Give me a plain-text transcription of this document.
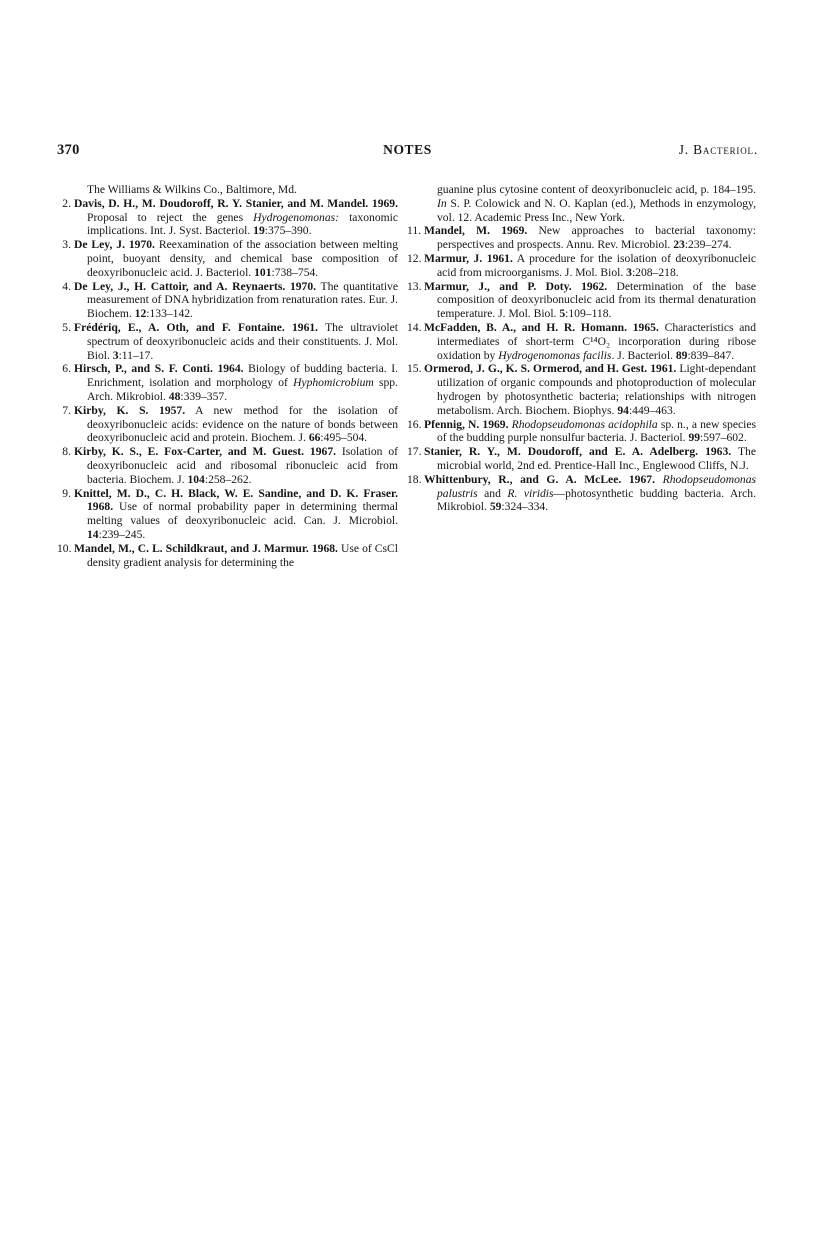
370	NOTES	J. Bacteriol.
The Williams & Wilkins Co., Baltimore, Md.
2. Davis, D. H., M. Doudoroff, R. Y. Stanier, and M. Mandel. 1969. Proposal to reject the genes Hydrogenomonas: taxonomic implications. Int. J. Syst. Bacteriol. 19:375–390.
3. De Ley, J. 1970. Reexamination of the association between melting point, buoyant density, and chemical base composition of deoxyribonucleic acid. J. Bacteriol. 101:738–754.
4. De Ley, J., H. Cattoir, and A. Reynaerts. 1970. The quantitative measurement of DNA hybridization from renaturation rates. Eur. J. Biochem. 12:133–142.
5. Frédériq, E., A. Oth, and F. Fontaine. 1961. The ultraviolet spectrum of deoxyribonucleic acids and their constituents. J. Mol. Biol. 3:11–17.
6. Hirsch, P., and S. F. Conti. 1964. Biology of budding bacteria. I. Enrichment, isolation and morphology of Hyphomicrobium spp. Arch. Mikrobiol. 48:339–357.
7. Kirby, K. S. 1957. A new method for the isolation of deoxyribonucleic acids: evidence on the nature of bonds between deoxyribonucleic acid and protein. Biochem. J. 66:495–504.
8. Kirby, K. S., E. Fox-Carter, and M. Guest. 1967. Isolation of deoxyribonucleic acid and ribosomal ribonucleic acid from bacteria. Biochem. J. 104:258–262.
9. Knittel, M. D., C. H. Black, W. E. Sandine, and D. K. Fraser. 1968. Use of normal probability paper in determining thermal melting values of deoxyribonucleic acid. Can. J. Microbiol. 14:239–245.
10. Mandel, M., C. L. Schildkraut, and J. Marmur. 1968. Use of CsCl density gradient analysis for determining the
guanine plus cytosine content of deoxyribonucleic acid, p. 184–195. In S. P. Colowick and N. O. Kaplan (ed.), Methods in enzymology, vol. 12. Academic Press Inc., New York.
11. Mandel, M. 1969. New approaches to bacterial taxonomy: perspectives and prospects. Annu. Rev. Microbiol. 23:239–274.
12. Marmur, J. 1961. A procedure for the isolation of deoxyribonucleic acid from microorganisms. J. Mol. Biol. 3:208–218.
13. Marmur, J., and P. Doty. 1962. Determination of the base composition of deoxyribonucleic acid from its thermal denaturation temperature. J. Mol. Biol. 5:109–118.
14. McFadden, B. A., and H. R. Homann. 1965. Characteristics and intermediates of short-term C¹⁴O₂ incorporation during ribose oxidation by Hydrogenomonas facilis. J. Bacteriol. 89:839–847.
15. Ormerod, J. G., K. S. Ormerod, and H. Gest. 1961. Light-dependant utilization of organic compounds and photoproduction of molecular hydrogen by photosynthetic bacteria; relationships with nitrogen metabolism. Arch. Biochem. Biophys. 94:449–463.
16. Pfennig, N. 1969. Rhodopseudomonas acidophila sp. n., a new species of the budding purple nonsulfur bacteria. J. Bacteriol. 99:597–602.
17. Stanier, R. Y., M. Doudoroff, and E. A. Adelberg. 1963. The microbial world, 2nd ed. Prentice-Hall Inc., Englewood Cliffs, N.J.
18. Whittenbury, R., and G. A. McLee. 1967. Rhodopseudomonas palustris and R. viridis—photosynthetic budding bacteria. Arch. Mikrobiol. 59:324–334.
